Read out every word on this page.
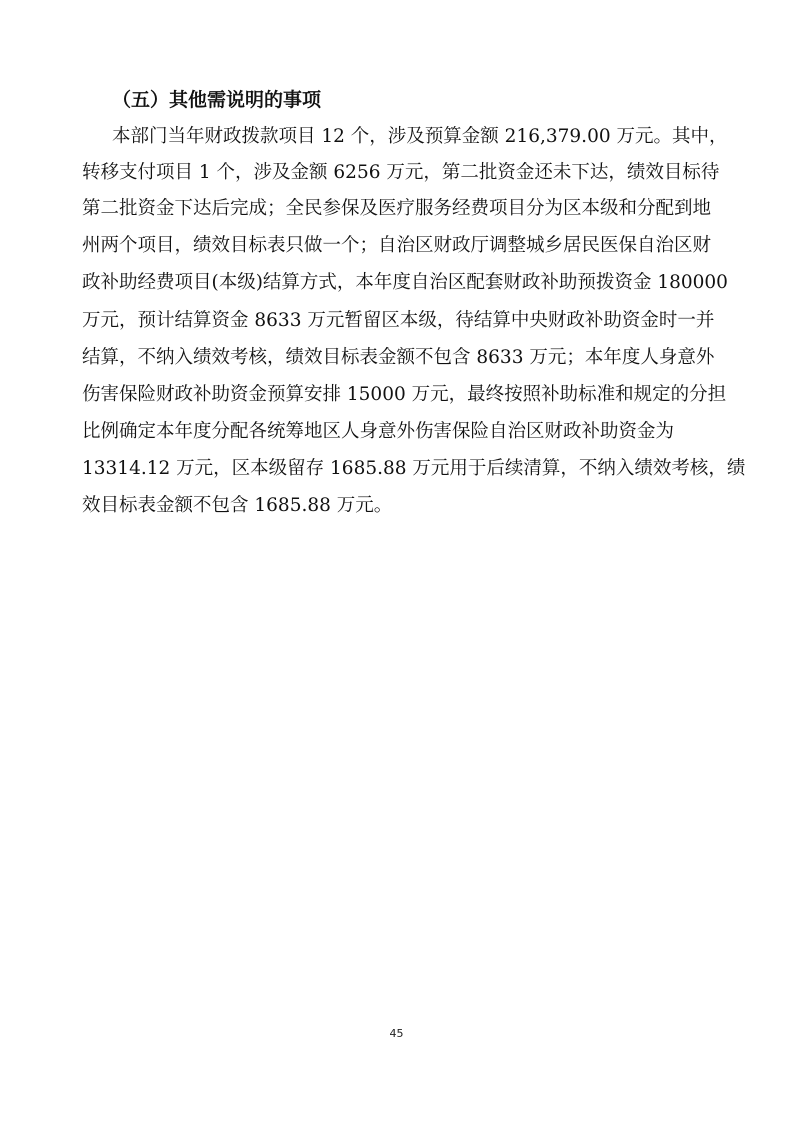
（五）其他需说明的事项
本部门当年财政拨款项目 12 个，涉及预算金额 216,379.00 万元。其中，
转移支付项目 1 个，涉及金额 6256 万元，第二批资金还未下达，绩效目标待
第二批资金下达后完成；全民参保及医疗服务经费项目分为区本级和分配到地
州两个项目，绩效目标表只做一个；自治区财政厅调整城乡居民医保自治区财
政补助经费项目(本级)结算方式，本年度自治区配套财政补助预拨资金 180000
万元，预计结算资金 8633 万元暂留区本级，待结算中央财政补助资金时一并
结算，不纳入绩效考核，绩效目标表金额不包含 8633 万元；本年度人身意外
伤害保险财政补助资金预算安排 15000 万元，最终按照补助标准和规定的分担
比例确定本年度分配各统筹地区人身意外伤害保险自治区财政补助资金为
13314.12 万元，区本级留存 1685.88 万元用于后续清算，不纳入绩效考核，绩
效目标表金额不包含 1685.88 万元。
45
